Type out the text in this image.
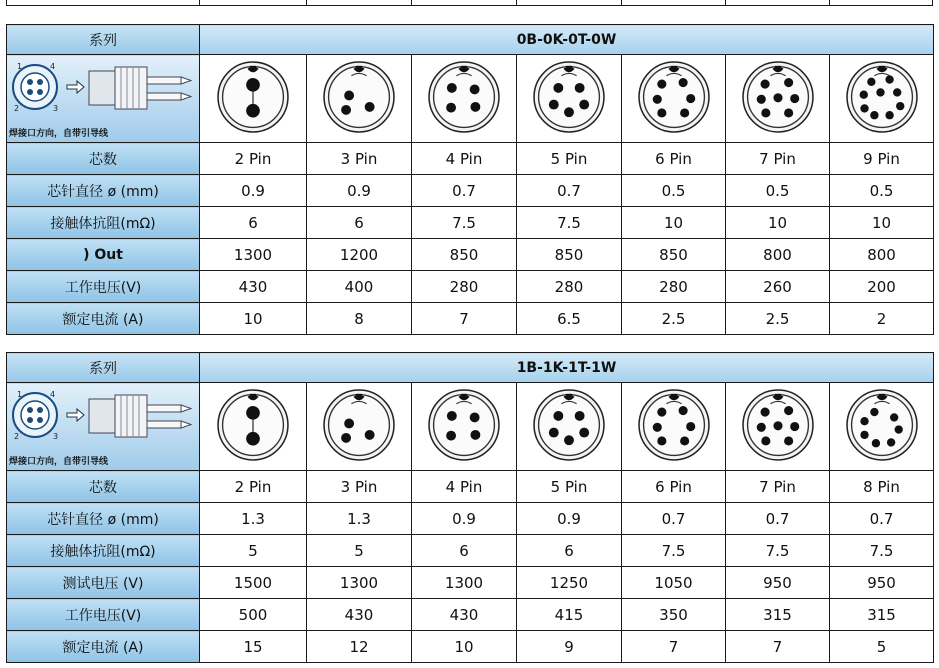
系列	0B-0K-0T-0W						

1 4
2 3
焊接口方向，自带引导线

芯数	2 Pin	3 Pin	4 Pin	5 Pin	6 Pin	7 Pin	9 Pin
芯针直径 ø (mm)	0.9	0.9	0.7	0.7	0.5	0.5	0.5
接触体抗阻(mΩ)	6	6	7.5	7.5	10	10	10
) Out	1300	1200	850	850	850	800	800
工作电压(V)	430	400	280	280	280	260	200
额定电流 (A)	10	8	7	6.5	2.5	2.5	2
系列	1B-1K-1T-1W						

1 4
2 3
焊接口方向，自带引导线

芯数	2 Pin	3 Pin	4 Pin	5 Pin	6 Pin	7 Pin	8 Pin
芯针直径 ø (mm)	1.3	1.3	0.9	0.9	0.7	0.7	0.7
接触体抗阻(mΩ)	5	5	6	6	7.5	7.5	7.5
测试电压 (V)	1500	1300	1300	1250	1050	950	950
工作电压(V)	500	430	430	415	350	315	315
额定电流 (A)	15	12	10	9	7	7	5
